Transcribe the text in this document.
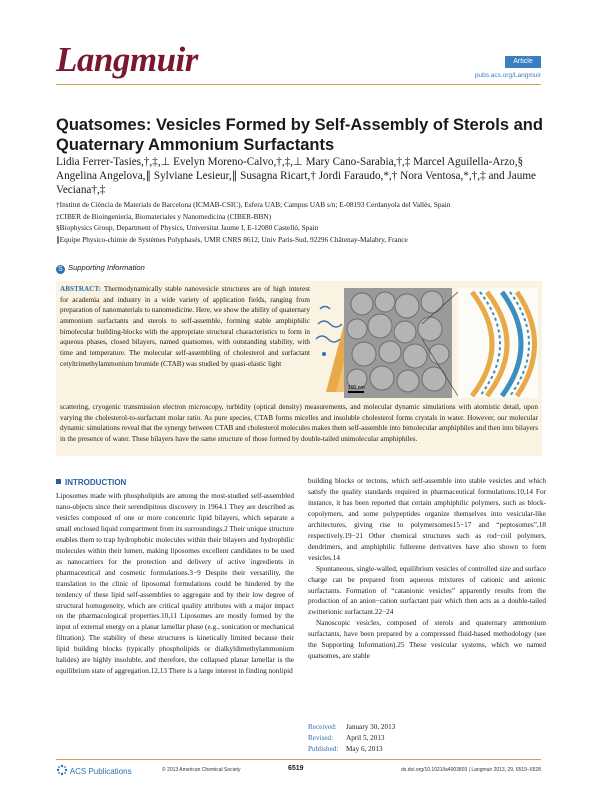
Langmuir	Article
pubs.acs.org/Langmuir
Quatsomes: Vesicles Formed by Self-Assembly of Sterols and Quaternary Ammonium Surfactants
Lidia Ferrer-Tasies,†,‡,⊥ Evelyn Moreno-Calvo,†,‡,⊥ Mary Cano-Sarabia,†,‡ Marcel Aguilella-Arzo,§ Angelina Angelova,∥ Sylviane Lesieur,∥ Susagna Ricart,† Jordi Faraudo,*,† Nora Ventosa,*,†,‡ and Jaume Veciana†,‡
†Institut de Ciència de Materials de Barcelona (ICMAB-CSIC), Esfera UAB; Campus UAB s/n; E-08193 Cerdanyola del Vallès, Spain
‡CIBER de Bioingeniería, Biomateriales y Nanomedicina (CIBER-BBN)
§Biophysics Group, Department of Physics, Universitat Jaume I, E-12080 Castelló, Spain
∥Equipe Physico-chimie de Systèmes Polyphasés, UMR CNRS 8612, Univ Paris-Sud, 92296 Châtenay-Malabry, France
S Supporting Information
ABSTRACT: Thermodynamically stable nanovesicle structures are of high interest for academia and industry in a wide variety of application fields, ranging from preparation of nanomaterials to nanomedicine. Here, we show the ability of quaternary ammonium surfactants and sterols to self-assemble, forming stable amphiphilic bimolecular building-blocks with the appropriate structural characteristics to form in aqueous phases, closed bilayers, named quatsomes, with outstanding stability, with time and temperature. The molecular self-assembling of cholesterol and surfactant cetyltrimethylammonium bromide (CTAB) was studied by quasi-elastic light
100 nm
scattering, cryogenic transmission electron microscopy, turbidity (optical density) measurements, and molecular dynamic simulations with atomistic detail, upon varying the cholesterol-to-surfactant molar ratio. As pure species, CTAB forms micelles and insoluble cholesterol forms crystals in water. However, our molecular dynamic simulations reveal that the synergy between CTAB and cholesterol molecules makes them self-assemble into bimolecular amphiphiles and then into bilayers in the presence of water. These bilayers have the same structure of those formed by double-tailed unimolecular amphiphiles.
INTRODUCTION

Liposomes made with phospholipids are among the most-studied self-assembled nano-objects since their serendipitous discovery in 1964.1 They are described as vesicles composed of one or more concentric lipid bilayers, which separate a small enclosed liquid compartment from its surroundings.2 Their unique structure enables them to trap hydrophobic molecules within their bilayers and hydrophilic molecules within their lumen, making liposomes excellent candidates to be used as nanocarriers for the protection and delivery of active ingredients in pharmaceutical and cosmetic formulations.3−9 Despite their versatility, the translation to the clinic of liposomal formulations could be hindered by the tendency of these lipid self-assemblies to aggregate and by their low degree of structural homogeneity, which are critical quality attributes with a major impact on the pharmacological properties.10,11 Liposomes are mostly formed by the input of external energy on a planar lamellar phase (e.g., sonication or mechanical filtration). The stability of these structures is kinetically limited because their lipid building blocks (typically phospholipids or dialkyldimethylammonium halides) are highly insoluble, and therefore, the collapsed planar lamellar is the equilibrium state of aggregation.12,13 There is a large interest in finding nonlipid

building blocks or tectons, which self-assemble into stable vesicles and which satisfy the quality standards required in pharmaceutical formulations.10,14 For instance, it has been reported that certain amphiphilic polymers, such as block-copolymers, and some polypeptides organize themselves into vesicular-like architectures, giving rise to polymersomes15−17 and “peptosomes”,18 respectively.19−21 Other chemical structures such as rod−coil polymers, dendrimers, and amphiphilic fullerene derivatives have also shown to form vesicles.14

Spontaneous, single-walled, equilibrium vesicles of controlled size and surface charge can be prepared from aqueous mixtures of cationic and anionic surfactants. Formation of “catanionic vesicles” apparently results from the production of an anion−cation surfactant pair which then acts as a double-tailed zwitterionic surfactant.22−24

Nanoscopic vesicles, composed of sterols and quaternary ammonium surfactants, have been prepared by a compressed fluid-based methodology (see the Supporting Information).25 These vesicular systems, which we named quatsomes, are stable

Received: January 30, 2013
Revised: April 5, 2013
Published: May 6, 2013
ACS Publications	© 2013 American Chemical Society	6519	dx.doi.org/10.1021/la4003803 | Langmuir 2013, 29, 6519−6528
